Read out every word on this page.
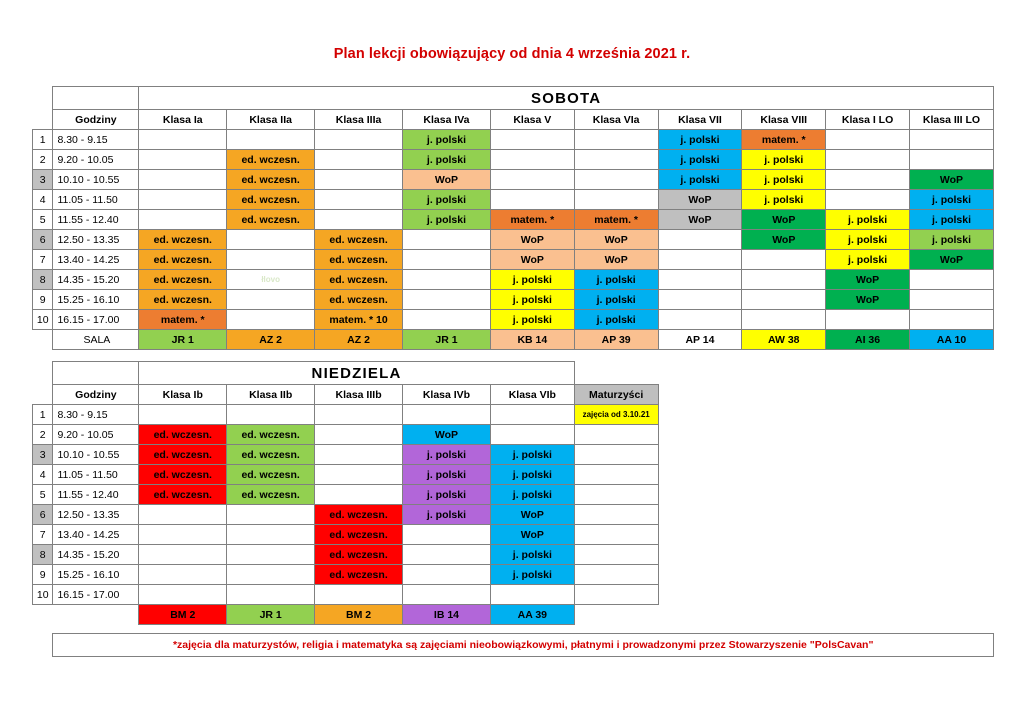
Plan lekcji obowiązujący od dnia 4 września 2021 r.
		SOBOTA									
	Godziny	Klasa Ia	Klasa IIa	Klasa IIIa	Klasa IVa	Klasa V	Klasa VIa	Klasa VII	Klasa VIII	Klasa I LO	Klasa III LO
1	8.30 - 9.15				j. polski			j. polski	matem. *		
2	9.20 - 10.05		ed. wczesn.		j. polski			j. polski	j. polski		
3	10.10 - 10.55		ed. wczesn.		WoP			j. polski	j. polski		WoP
4	11.05 - 11.50		ed. wczesn.		j. polski			WoP	j. polski		j. polski
5	11.55 - 12.40		ed. wczesn.		j. polski	matem. *	matem. *	WoP	WoP	j. polski	j. polski
6	12.50 - 13.35	ed. wczesn.		ed. wczesn.		WoP	WoP		WoP	j. polski	j. polski
7	13.40 - 14.25	ed. wczesn.		ed. wczesn.		WoP	WoP			j. polski	WoP
8	14.35 - 15.20	ed. wczesn.	łlovo	ed. wczesn.		j. polski	j. polski			WoP	
9	15.25 - 16.10	ed. wczesn.		ed. wczesn.		j. polski	j. polski			WoP	
10	16.15 - 17.00	matem. *		matem. * 10		j. polski	j. polski				
	SALA	JR 1	AZ 2	AZ 2	JR 1	KB 14	AP 39	AP 14	AW 38	AI 36	AA 10

		NIEDZIELA									
	Godziny	Klasa Ib	Klasa IIb	Klasa IIIb	Klasa IVb	Klasa VIb	Maturzyści				
1	8.30 - 9.15						zajęcia od 3.10.21				
2	9.20 - 10.05	ed. wczesn.	ed. wczesn.		WoP						
3	10.10 - 10.55	ed. wczesn.	ed. wczesn.		j. polski	j. polski					
4	11.05 - 11.50	ed. wczesn.	ed. wczesn.		j. polski	j. polski					
5	11.55 - 12.40	ed. wczesn.	ed. wczesn.		j. polski	j. polski					
6	12.50 - 13.35			ed. wczesn.	j. polski	WoP					
7	13.40 - 14.25			ed. wczesn.		WoP					
8	14.35 - 15.20			ed. wczesn.		j. polski					
9	15.25 - 16.10			ed. wczesn.		j. polski					
10	16.15 - 17.00										
		BM 2	JR 1	BM 2	IB 14	AA 39					

	*zajęcia dla maturzystów, religia i matematyka są zajęciami nieobowiązkowymi, płatnymi i prowadzonymi przez Stowarzyszenie "PolsCavan"										
